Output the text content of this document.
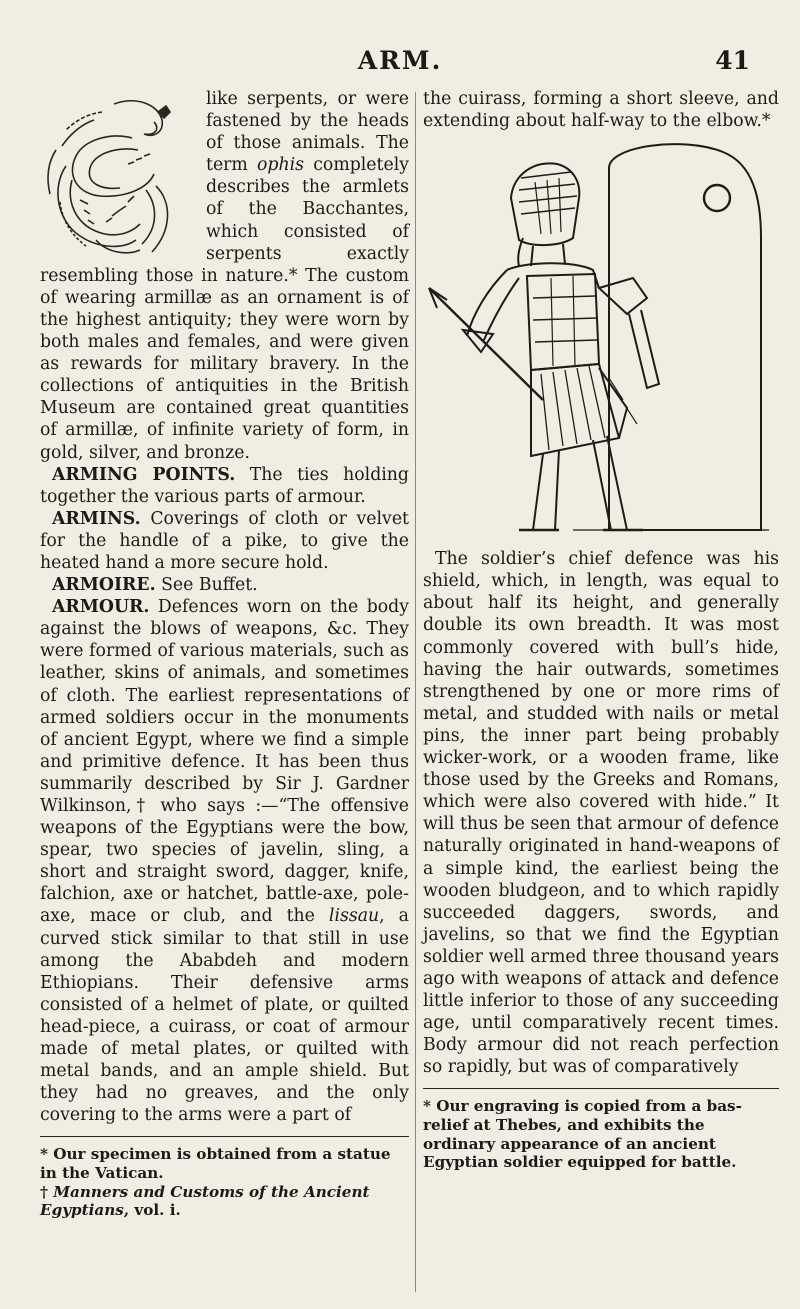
ARM.	41

like serpents, or were fastened by the heads of those animals. The term ophis completely describes the armlets of the Bacchantes, which consisted of serpents exactly resembling those in nature.* The custom of wearing armillæ as an ornament is of the highest antiquity; they were worn by both males and females, and were given as rewards for military bravery. In the collections of antiquities in the British Museum are contained great quantities of armillæ, of infinite variety of form, in gold, silver, and bronze.

ARMING POINTS. The ties holding together the various parts of armour.

ARMINS. Coverings of cloth or velvet for the handle of a pike, to give the heated hand a more secure hold.

ARMOIRE. See Buffet.

ARMOUR. Defences worn on the body against the blows of weapons, &c. They were formed of various materials, such as leather, skins of animals, and sometimes of cloth. The earliest representations of armed soldiers occur in the monuments of ancient Egypt, where we find a simple and primitive defence. It has been thus summarily described by Sir J. Gardner Wilkinson,† who says :—“The offensive weapons of the Egyptians were the bow, spear, two species of javelin, sling, a short and straight sword, dagger, knife, falchion, axe or hatchet, battle-axe, pole-axe, mace or club, and the lissau, a curved stick similar to that still in use among the Ababdeh and modern Ethiopians. Their defensive arms consisted of a helmet of plate, or quilted head-piece, a cuirass, or coat of armour made of metal plates, or quilted with metal bands, and an ample shield. But they had no greaves, and the only covering to the arms were a part of

* Our specimen is obtained from a statue in the Vatican.

† Manners and Customs of the Ancient Egyptians, vol. i.

the cuirass, forming a short sleeve, and extending about half-way to the elbow.*

The soldier’s chief defence was his shield, which, in length, was equal to about half its height, and generally double its own breadth. It was most commonly covered with bull’s hide, having the hair outwards, sometimes strengthened by one or more rims of metal, and studded with nails or metal pins, the inner part being probably wicker-work, or a wooden frame, like those used by the Greeks and Romans, which were also covered with hide.” It will thus be seen that armour of defence naturally originated in hand-weapons of a simple kind, the earliest being the wooden bludgeon, and to which rapidly succeeded daggers, swords, and javelins, so that we find the Egyptian soldier well armed three thousand years ago with weapons of attack and defence little inferior to those of any succeeding age, until comparatively recent times. Body armour did not reach perfection so rapidly, but was of comparatively

* Our engraving is copied from a bas-relief at Thebes, and exhibits the ordinary appearance of an ancient Egyptian soldier equipped for battle.
